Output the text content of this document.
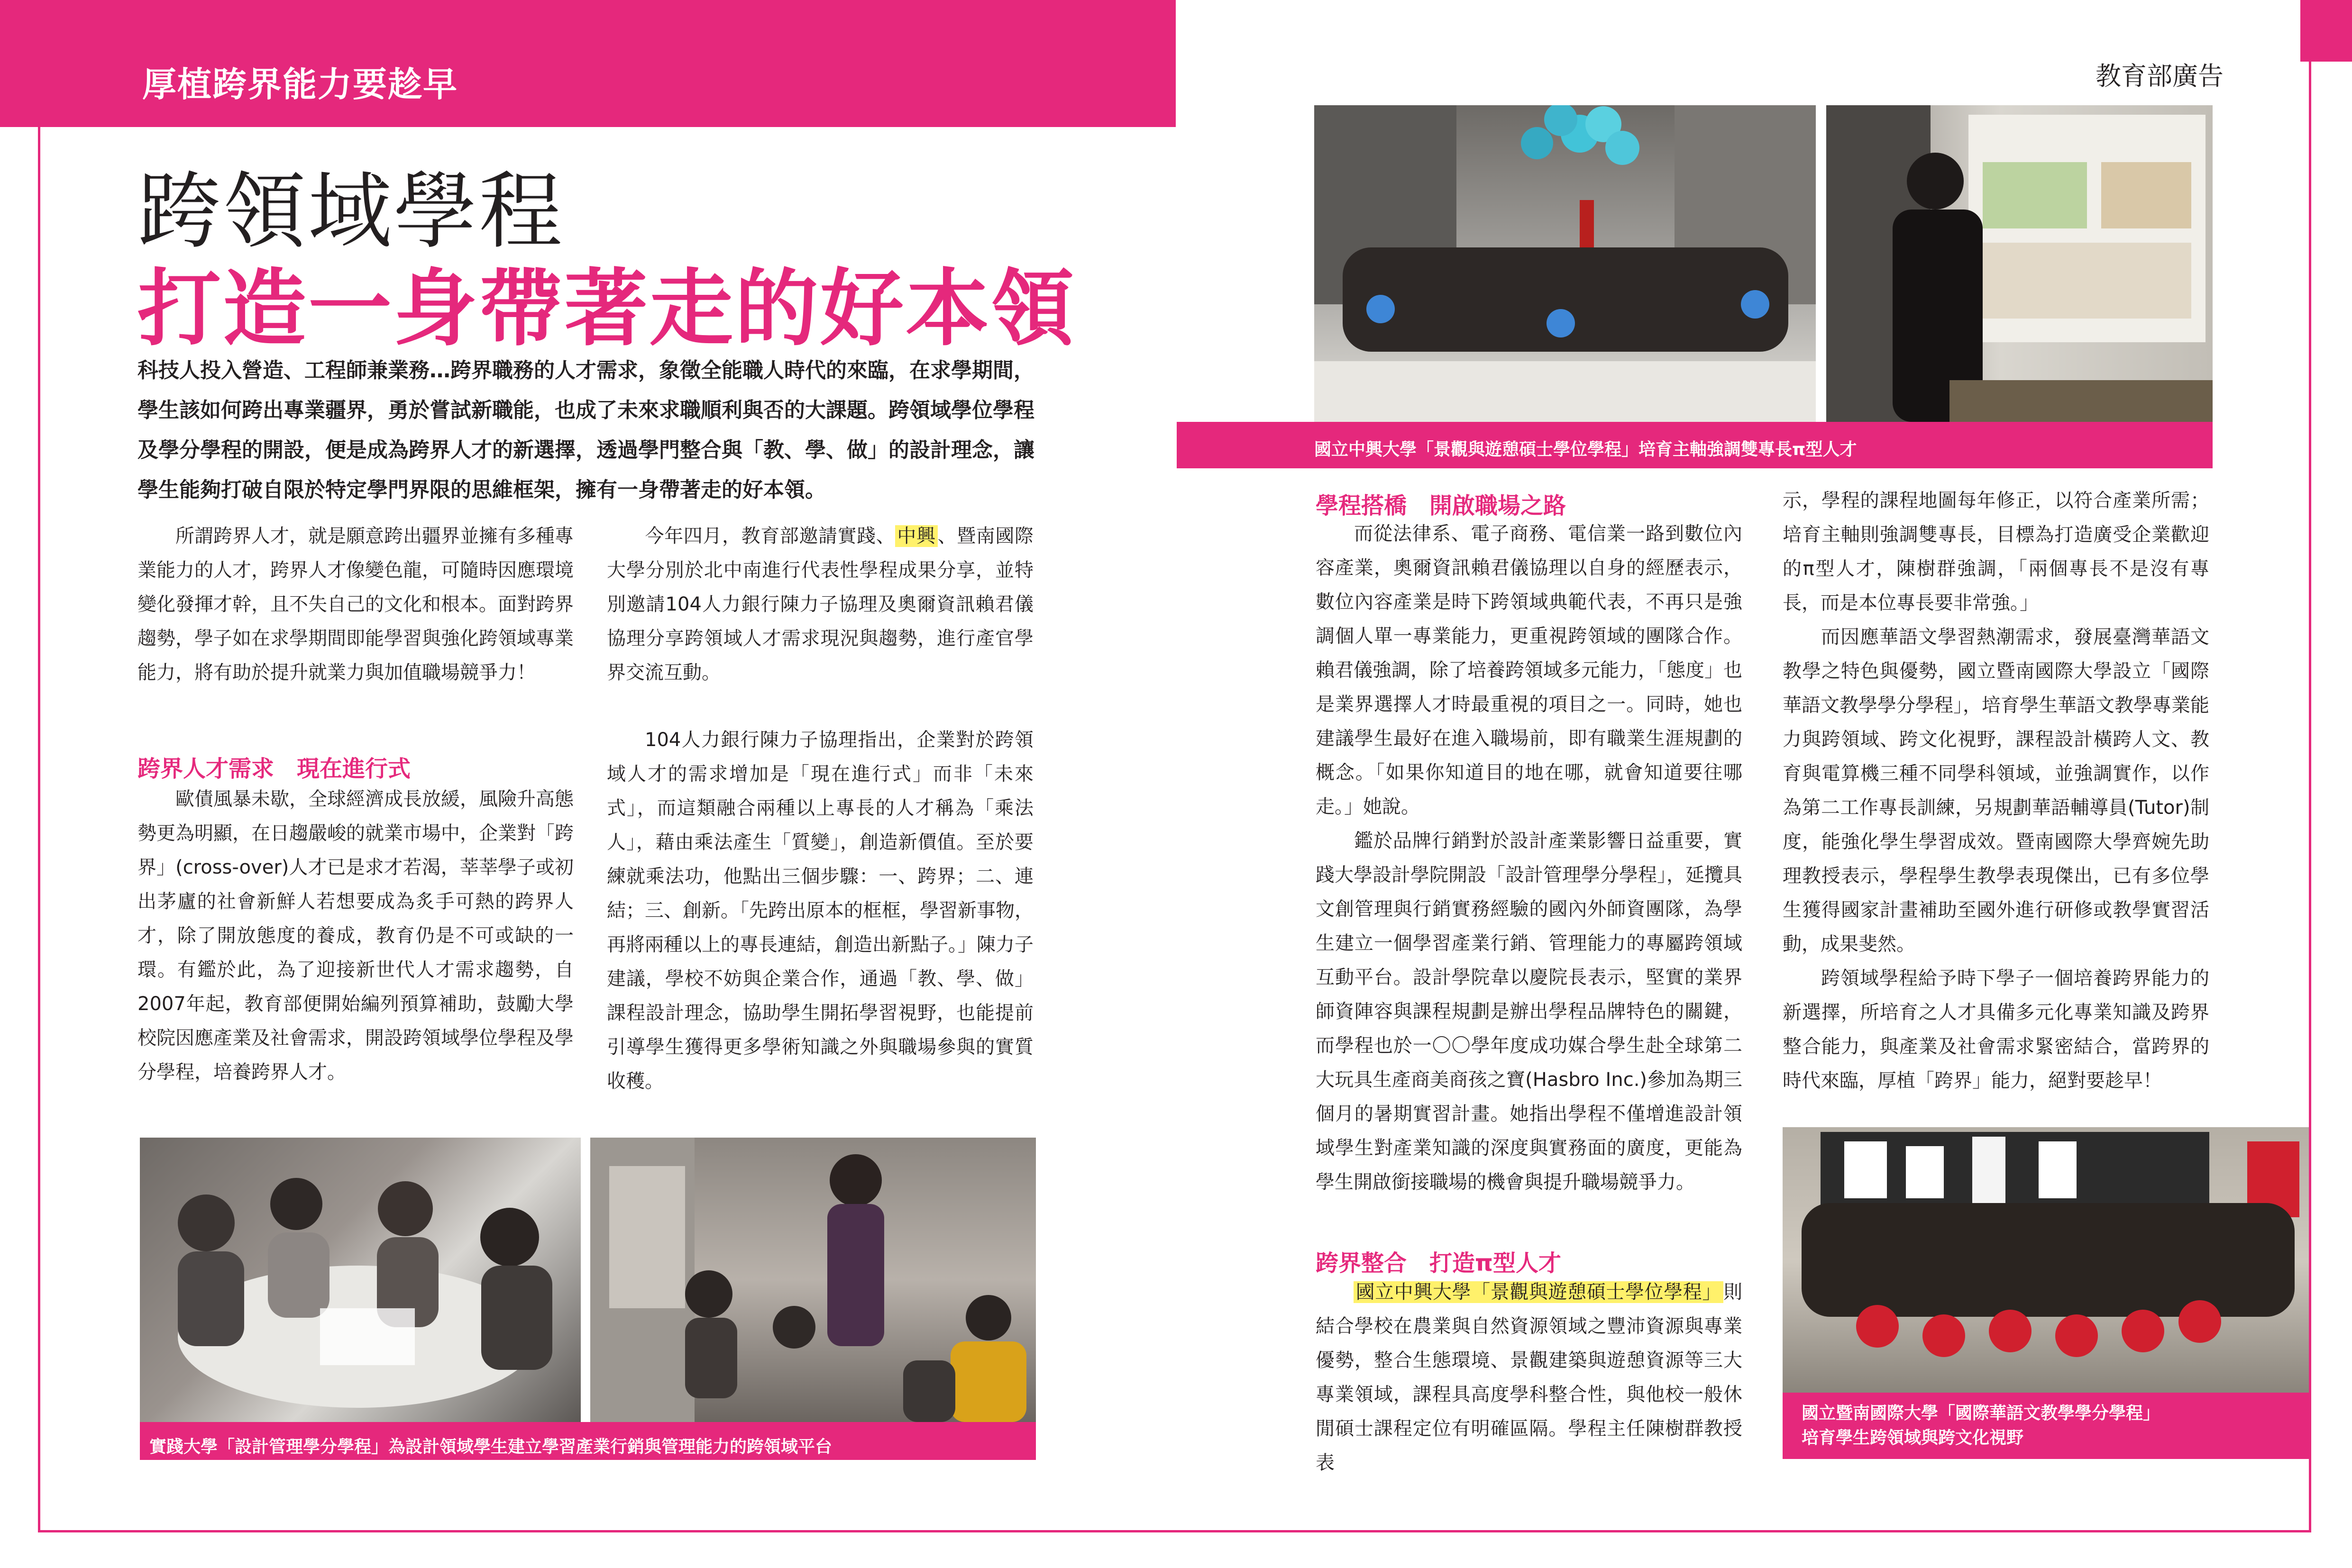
厚植跨界能力要趁早	教育部廣告
跨領域學程
打造一身帶著走的好本領
科技人投入營造、工程師兼業務…跨界職務的人才需求，象徵全能職人時代的來臨，在求學期間，學生該如何跨出專業疆界，勇於嘗試新職能，也成了未來求職順利與否的大課題。跨領域學位學程及學分學程的開設，便是成為跨界人才的新選擇，透過學門整合與「教、學、做」的設計理念，讓學生能夠打破自限於特定學門界限的思維框架，擁有一身帶著走的好本領。
所謂跨界人才，就是願意跨出疆界並擁有多種專業能力的人才，跨界人才像變色龍，可隨時因應環境變化發揮才幹，且不失自己的文化和根本。面對跨界趨勢，學子如在求學期間即能學習與強化跨領域專業能力，將有助於提升就業力與加值職場競爭力！
跨界人才需求　現在進行式
歐債風暴未歇，全球經濟成長放緩，風險升高態勢更為明顯，在日趨嚴峻的就業市場中，企業對「跨界」(cross-over)人才已是求才若渴，莘莘學子或初出茅廬的社會新鮮人若想要成為炙手可熱的跨界人才，除了開放態度的養成，教育仍是不可或缺的一環。有鑑於此，為了迎接新世代人才需求趨勢，自2007年起，教育部便開始編列預算補助，鼓勵大學校院因應產業及社會需求，開設跨領域學位學程及學分學程，培養跨界人才。
今年四月，教育部邀請實踐、 中興 、暨南國際大學分別於北中南進行代表性學程成果分享，並特別邀請104人力銀行陳力子協理及奧爾資訊賴君儀協理分享跨領域人才需求現況與趨勢，進行產官學界交流互動。
104人力銀行陳力子協理指出，企業對於跨領域人才的需求增加是「現在進行式」而非「未來式」，而這類融合兩種以上專長的人才稱為「乘法人」，藉由乘法產生「質變」，創造新價值。至於要練就乘法功，他點出三個步驟：一、跨界；二、連結；三、創新。「先跨出原本的框框，學習新事物，再將兩種以上的專長連結，創造出新點子。」陳力子建議，學校不妨與企業合作，通過「教、學、做」課程設計理念，協助學生開拓學習視野，也能提前引導學生獲得更多學術知識之外與職場參與的實質收穫。
實踐大學「設計管理學分學程」為設計領域學生建立學習產業行銷與管理能力的跨領域平台
國立中興大學「景觀與遊憩碩士學位學程」培育主軸強調雙專長π型人才
學程搭橋　開啟職場之路
而從法律系、電子商務、電信業一路到數位內容產業，奧爾資訊賴君儀協理以自身的經歷表示，數位內容產業是時下跨領域典範代表，不再只是強調個人單一專業能力，更重視跨領域的團隊合作。賴君儀強調，除了培養跨領域多元能力，「態度」也是業界選擇人才時最重視的項目之一。同時，她也建議學生最好在進入職場前，即有職業生涯規劃的概念。「如果你知道目的地在哪，就會知道要往哪走。」她說。
鑑於品牌行銷對於設計產業影響日益重要，實踐大學設計學院開設「設計管理學分學程」，延攬具文創管理與行銷實務經驗的國內外師資團隊，為學生建立一個學習產業行銷、管理能力的專屬跨領域互動平台。設計學院韋以慶院長表示，堅實的業界師資陣容與課程規劃是辦出學程品牌特色的關鍵，而學程也於一〇〇學年度成功媒合學生赴全球第二大玩具生產商美商孩之寶(Hasbro Inc.)參加為期三個月的暑期實習計畫。她指出學程不僅增進設計領域學生對產業知識的深度與實務面的廣度，更能為學生開啟銜接職場的機會與提升職場競爭力。
跨界整合　打造π型人才
國立中興大學「景觀與遊憩碩士學位學程」 則結合學校在農業與自然資源領域之豐沛資源與專業優勢，整合生態環境、景觀建築與遊憩資源等三大專業領域，課程具高度學科整合性，與他校一般休閒碩士課程定位有明確區隔。學程主任陳樹群教授表
示，學程的課程地圖每年修正，以符合產業所需；培育主軸則強調雙專長，目標為打造廣受企業歡迎的π型人才，陳樹群強調，「兩個專長不是沒有專長，而是本位專長要非常強。」
而因應華語文學習熱潮需求，發展臺灣華語文教學之特色與優勢，國立暨南國際大學設立「國際華語文教學學分學程」，培育學生華語文教學專業能力與跨領域、跨文化視野，課程設計橫跨人文、教育與電算機三種不同學科領域，並強調實作，以作為第二工作專長訓練，另規劃華語輔導員(Tutor)制度，能強化學生學習成效。暨南國際大學齊婉先助理教授表示，學程學生教學表現傑出，已有多位學生獲得國家計畫補助至國外進行研修或教學實習活動，成果斐然。
跨領域學程給予時下學子一個培養跨界能力的新選擇，所培育之人才具備多元化專業知識及跨界整合能力，與產業及社會需求緊密結合，當跨界的時代來臨，厚植「跨界」能力，絕對要趁早！
國立暨南國際大學「國際華語文教學學分學程」
培育學生跨領域與跨文化視野
